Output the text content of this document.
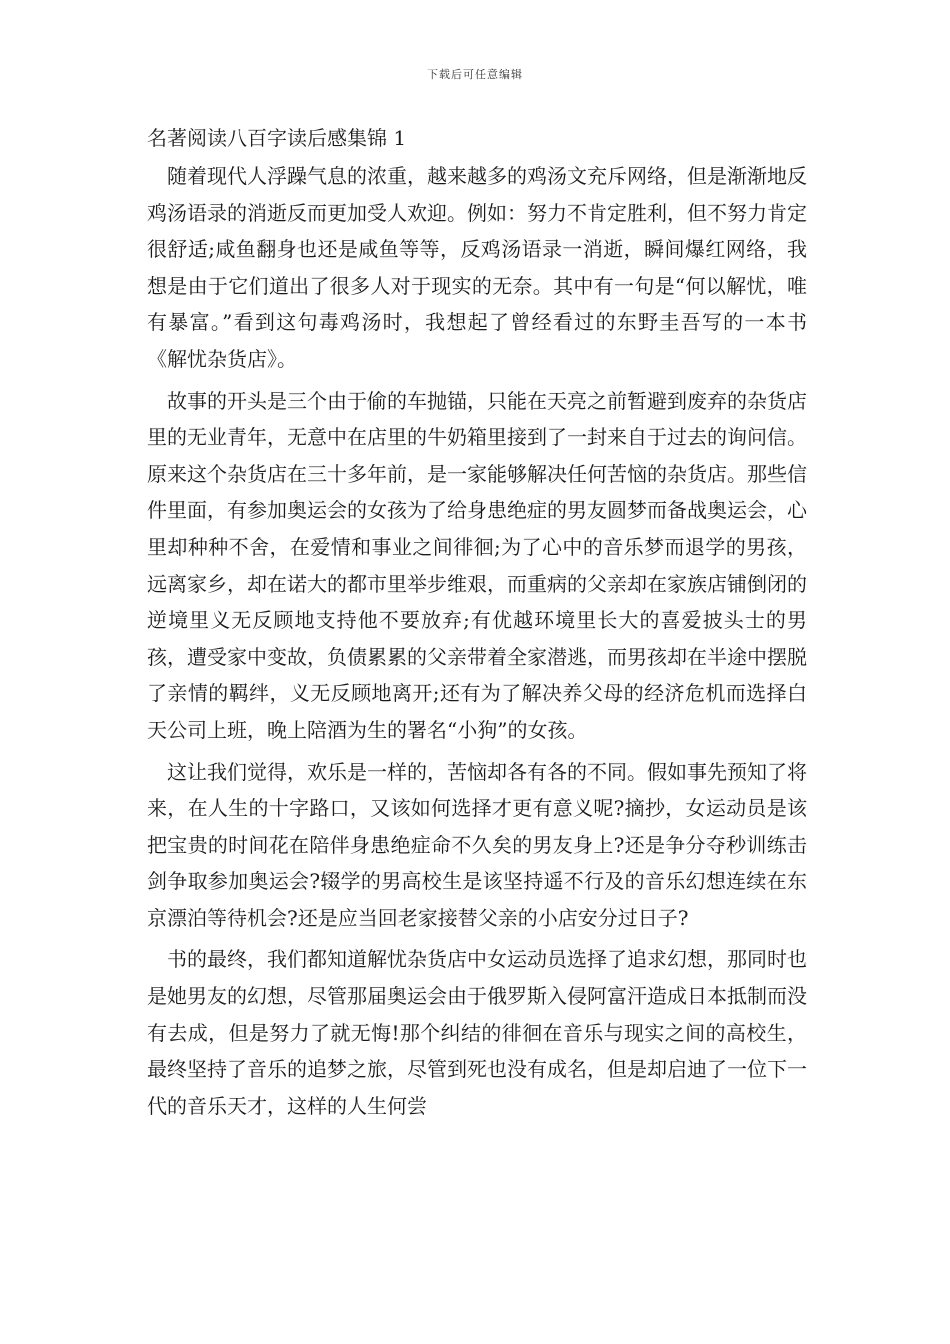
下载后可任意编辑
名著阅读八百字读后感集锦 1

随着现代人浮躁气息的浓重，越来越多的鸡汤文充斥网络，但是渐渐地反鸡汤语录的消逝反而更加受人欢迎。例如：努力不肯定胜利，但不努力肯定很舒适;咸鱼翻身也还是咸鱼等等，反鸡汤语录一消逝，瞬间爆红网络，我想是由于它们道出了很多人对于现实的无奈。其中有一句是“何以解忧，唯有暴富。”看到这句毒鸡汤时，我想起了曾经看过的东野圭吾写的一本书《解忧杂货店》。

故事的开头是三个由于偷的车抛锚，只能在天亮之前暂避到废弃的杂货店里的无业青年，无意中在店里的牛奶箱里接到了一封来自于过去的询问信。原来这个杂货店在三十多年前，是一家能够解决任何苦恼的杂货店。那些信件里面，有参加奥运会的女孩为了给身患绝症的男友圆梦而备战奥运会，心里却种种不舍，在爱情和事业之间徘徊;为了心中的音乐梦而退学的男孩，远离家乡，却在诺大的都市里举步维艰，而重病的父亲却在家族店铺倒闭的逆境里义无反顾地支持他不要放弃;有优越环境里长大的喜爱披头士的男孩，遭受家中变故，负债累累的父亲带着全家潜逃，而男孩却在半途中摆脱了亲情的羁绊，义无反顾地离开;还有为了解决养父母的经济危机而选择白天公司上班，晚上陪酒为生的署名“小狗”的女孩。

这让我们觉得，欢乐是一样的，苦恼却各有各的不同。假如事先预知了将来，在人生的十字路口，又该如何选择才更有意义呢?摘抄，女运动员是该把宝贵的时间花在陪伴身患绝症命不久矣的男友身上?还是争分夺秒训练击剑争取参加奥运会?辍学的男高校生是该坚持遥不行及的音乐幻想连续在东京漂泊等待机会?还是应当回老家接替父亲的小店安分过日子?

书的最终，我们都知道解忧杂货店中女运动员选择了追求幻想，那同时也是她男友的幻想，尽管那届奥运会由于俄罗斯入侵阿富汗造成日本抵制而没有去成，但是努力了就无悔!那个纠结的徘徊在音乐与现实之间的高校生，最终坚持了音乐的追梦之旅，尽管到死也没有成名，但是却启迪了一位下一代的音乐天才，这样的人生何尝
